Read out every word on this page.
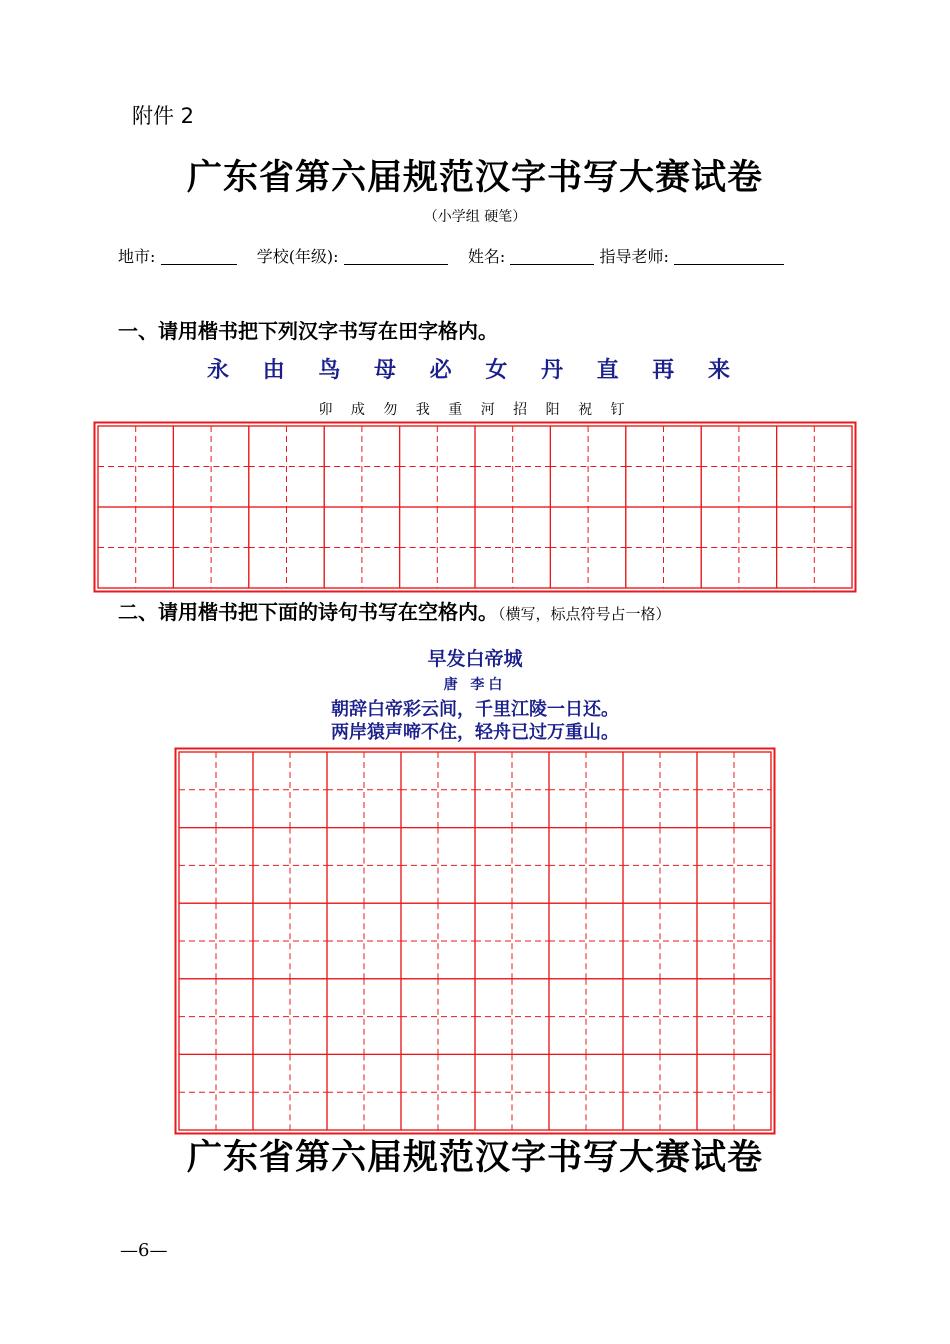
附件 2
广东省第六届规范汉字书写大赛试卷
（小学组 硬笔）
地市:	学校(年级):	姓名:	指导老师:
一、请用楷书把下列汉字书写在田字格内。
永 由 鸟 母 必 女 丹 直 再 来
卯 成 勿 我 重 河 招 阳 祝 钉
二、请用楷书把下面的诗句书写在空格内。（横写，标点符号占一格）
早发白帝城
唐 李白
朝辞白帝彩云间，千里江陵一日还。
两岸猿声啼不住，轻舟已过万重山。
广东省第六届规范汉字书写大赛试卷
—6—
